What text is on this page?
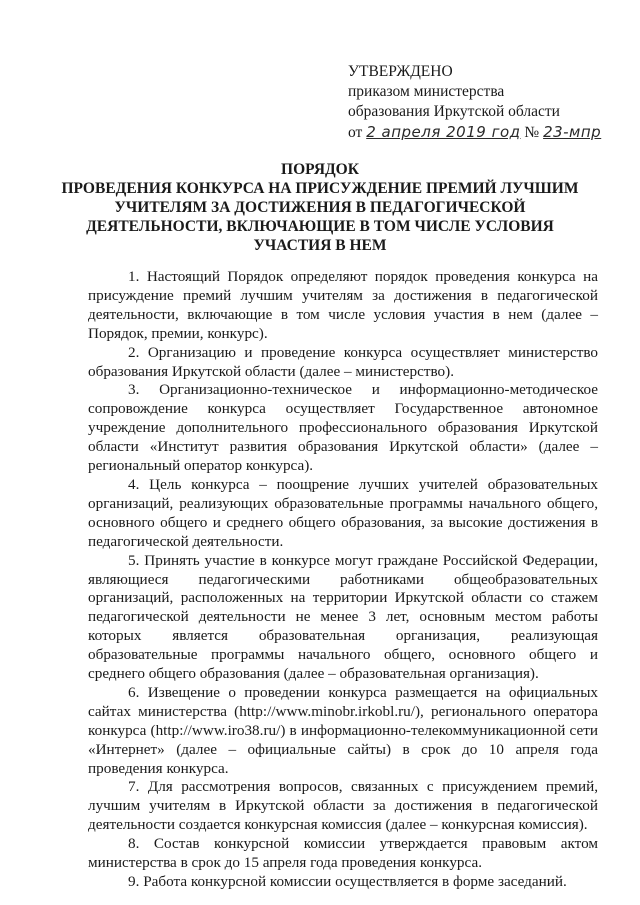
УТВЕРЖДЕНО
приказом министерства
образования Иркутской области
от 2 апреля 2019 год № 23-мпр
ПОРЯДОК
ПРОВЕДЕНИЯ КОНКУРСА НА ПРИСУЖДЕНИЕ ПРЕМИЙ ЛУЧШИМ УЧИТЕЛЯМ ЗА ДОСТИЖЕНИЯ В ПЕДАГОГИЧЕСКОЙ ДЕЯТЕЛЬНОСТИ, ВКЛЮЧАЮЩИЕ В ТОМ ЧИСЛЕ УСЛОВИЯ УЧАСТИЯ В НЕМ

1. Настоящий Порядок определяют порядок проведения конкурса на присуждение премий лучшим учителям за достижения в педагогической деятельности, включающие в том числе условия участия в нем (далее – Порядок, премии, конкурс).

2. Организацию и проведение конкурса осуществляет министерство образования Иркутской области (далее – министерство).

3. Организационно-техническое и информационно-методическое сопровождение конкурса осуществляет Государственное автономное учреждение дополнительного профессионального образования Иркутской области «Институт развития образования Иркутской области» (далее – региональный оператор конкурса).

4. Цель конкурса – поощрение лучших учителей образовательных организаций, реализующих образовательные программы начального общего, основного общего и среднего общего образования, за высокие достижения в педагогической деятельности.

5. Принять участие в конкурсе могут граждане Российской Федерации, являющиеся педагогическими работниками общеобразовательных организаций, расположенных на территории Иркутской области со стажем педагогической деятельности не менее 3 лет, основным местом работы которых является образовательная организация, реализующая образовательные программы начального общего, основного общего и среднего общего образования (далее – образовательная организация).

6. Извещение о проведении конкурса размещается на официальных сайтах министерства (http://www.minobr.irkobl.ru/), регионального оператора конкурса (http://www.iro38.ru/) в информационно-телекоммуникационной сети «Интернет» (далее – официальные сайты) в срок до 10 апреля года проведения конкурса.

7. Для рассмотрения вопросов, связанных с присуждением премий, лучшим учителям в Иркутской области за достижения в педагогической деятельности создается конкурсная комиссия (далее – конкурсная комиссия).

8. Состав конкурсной комиссии утверждается правовым актом министерства в срок до 15 апреля года проведения конкурса.

9. Работа конкурсной комиссии осуществляется в форме заседаний.
